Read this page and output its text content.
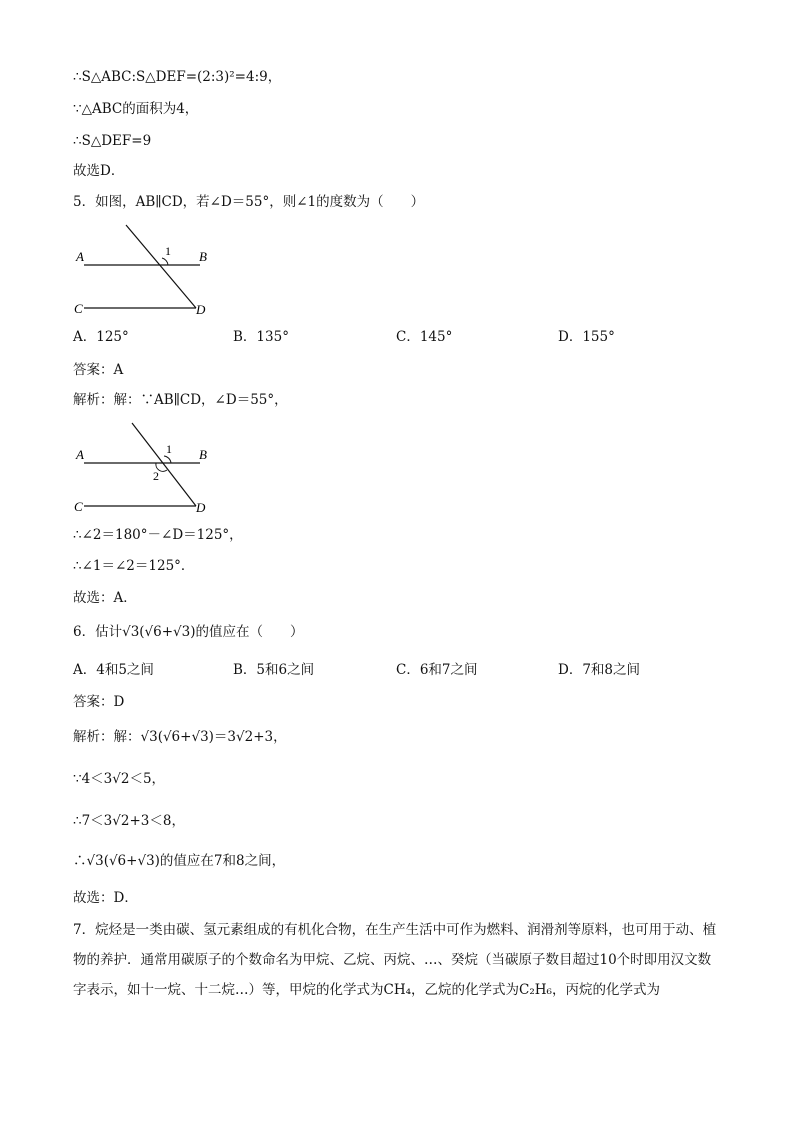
∴S△ABC:S△DEF=(2:3)²=4:9，
∵△ABC的面积为4，
∴S△DEF=9
故选D．
5．如图，AB∥CD，若∠D＝55°，则∠1的度数为（　　）
A	B
C	D
1
A．125°	B．135°	C．145°	D．155°
答案：A
解析：解：∵AB∥CD，∠D＝55°，
A	B
C	D
1
2
∴∠2＝180°－∠D＝125°，
∴∠1＝∠2＝125°．
故选：A．
6．估计√3(√6+√3)的值应在（　　）
A．4和5之间	B．5和6之间	C．6和7之间	D．7和8之间
答案：D
解析：解：√3(√6+√3)＝3√2+3，
∵4＜3√2＜5，
∴7＜3√2+3＜8，
∴√3(√6+√3)的值应在7和8之间，
故选：D．
7．烷烃是一类由碳、氢元素组成的有机化合物，在生产生活中可作为燃料、润滑剂等原料，也可用于动、植物的养护．通常用碳原子的个数命名为甲烷、乙烷、丙烷、…、癸烷（当碳原子数目超过10个时即用汉文数字表示，如十一烷、十二烷…）等，甲烷的化学式为CH₄，乙烷的化学式为C₂H₆，丙烷的化学式为
